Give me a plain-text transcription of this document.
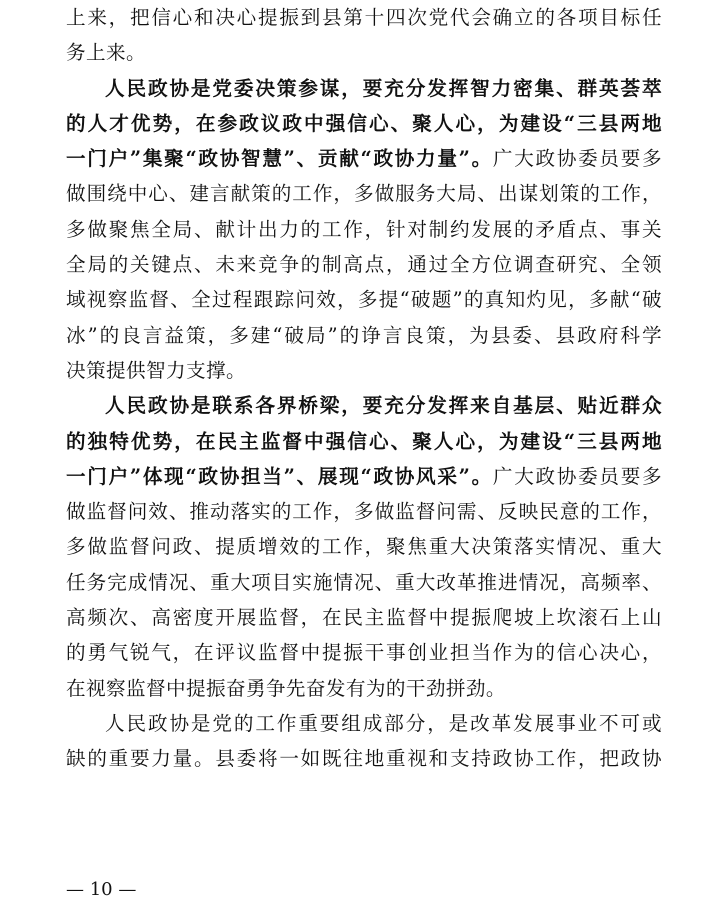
上来，把信心和决心提振到县第十四次党代会确立的各项目标任
务上来。
人民政协是党委决策参谋，要充分发挥智力密集、群英荟萃
的人才优势，在参政议政中强信心、聚人心，为建设“三县两地
一门户”集聚“政协智慧”、贡献“政协力量”。广大政协委员要多
做围绕中心、建言献策的工作，多做服务大局、出谋划策的工作，
多做聚焦全局、献计出力的工作，针对制约发展的矛盾点、事关
全局的关键点、未来竞争的制高点，通过全方位调查研究、全领
域视察监督、全过程跟踪问效，多提“破题”的真知灼见，多献“破
冰”的良言益策，多建“破局”的诤言良策，为县委、县政府科学
决策提供智力支撑。
人民政协是联系各界桥梁，要充分发挥来自基层、贴近群众
的独特优势，在民主监督中强信心、聚人心，为建设“三县两地
一门户”体现“政协担当”、展现“政协风采”。广大政协委员要多
做监督问效、推动落实的工作，多做监督问需、反映民意的工作，
多做监督问政、提质增效的工作，聚焦重大决策落实情况、重大
任务完成情况、重大项目实施情况、重大改革推进情况，高频率、
高频次、高密度开展监督，在民主监督中提振爬坡上坎滚石上山
的勇气锐气，在评议监督中提振干事创业担当作为的信心决心，
在视察监督中提振奋勇争先奋发有为的干劲拼劲。
人民政协是党的工作重要组成部分，是改革发展事业不可或
缺的重要力量。县委将一如既往地重视和支持政协工作，把政协
— 10 —
